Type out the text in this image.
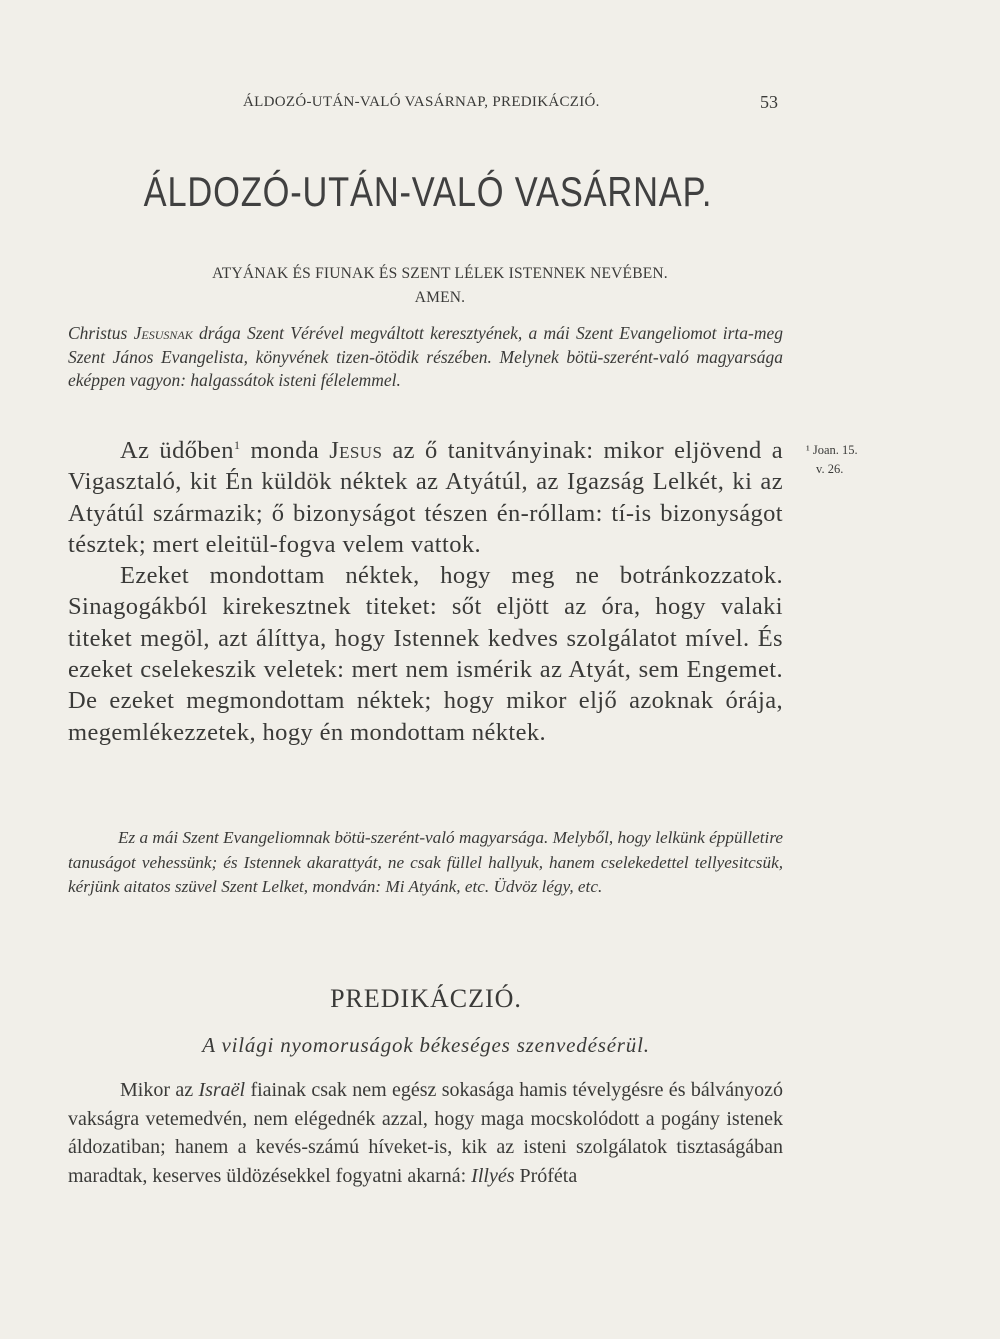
ÁLDOZÓ-UTÁN-VALÓ VASÁRNAP, PREDIKÁCZIÓ.	53
ÁLDOZÓ-UTÁN-VALÓ VASÁRNAP.
ATYÁNAK ÉS FIUNAK ÉS SZENT LÉLEK ISTENNEK NEVÉBEN.
AMEN.
Christus Jesusnak drága Szent Vérével megváltott keresztyének, a mái Szent Evangeliomot irta-meg Szent János Evangelista, könyvének tizen-ötödik részében. Melynek bötü-szerént-való magyarsága eképpen vagyon: halgassátok isteni félelemmel.

Az üdőben$^1$ monda Jesus az ő tanitványinak: mikor eljövend a Vigasztaló, kit Én küldök néktek az Atyátúl, az Igazság Lelkét, ki az Atyátúl származik; ő bizonyságot tészen én-róllam: tí-is bizonyságot tésztek; mert eleitül-fogva velem vattok.

Ezeket mondottam néktek, hogy meg ne botránkozzatok. Sinagogákból kirekesztnek titeket: sőt eljött az óra, hogy valaki titeket megöl, azt álíttya, hogy Istennek kedves szolgálatot mível. És ezeket cselekeszik veletek: mert nem ismérik az Atyát, sem Engemet. De ezeket megmondottam néktek; hogy mikor eljő azoknak órája, megemlékezzetek, hogy én mondottam néktek.

¹ Joan. 15.
v. 26.

Ez a mái Szent Evangeliomnak bötü-szerént-való magyarsága. Melyből, hogy lelkünk éppülletire tanuságot vehessünk; és Istennek akarattyát, ne csak füllel hallyuk, hanem cselekedettel tellyesitcsük, kérjünk aitatos szüvel Szent Lelket, mondván: Mi Atyánk, etc. Üdvöz légy, etc.

PREDIKÁCZIÓ.
A világi nyomoruságok békeséges szenvedésérül.

Mikor az Israël fiainak csak nem egész sokasága hamis tévelygésre és bálványozó vakságra vetemedvén, nem elégednék azzal, hogy maga mocskolódott a pogány istenek áldozatiban; hanem a kevés-számú híveket-is, kik az isteni szolgálatok tisztaságában maradtak, keserves üldözésekkel fogyatni akarná: Illyés Próféta
